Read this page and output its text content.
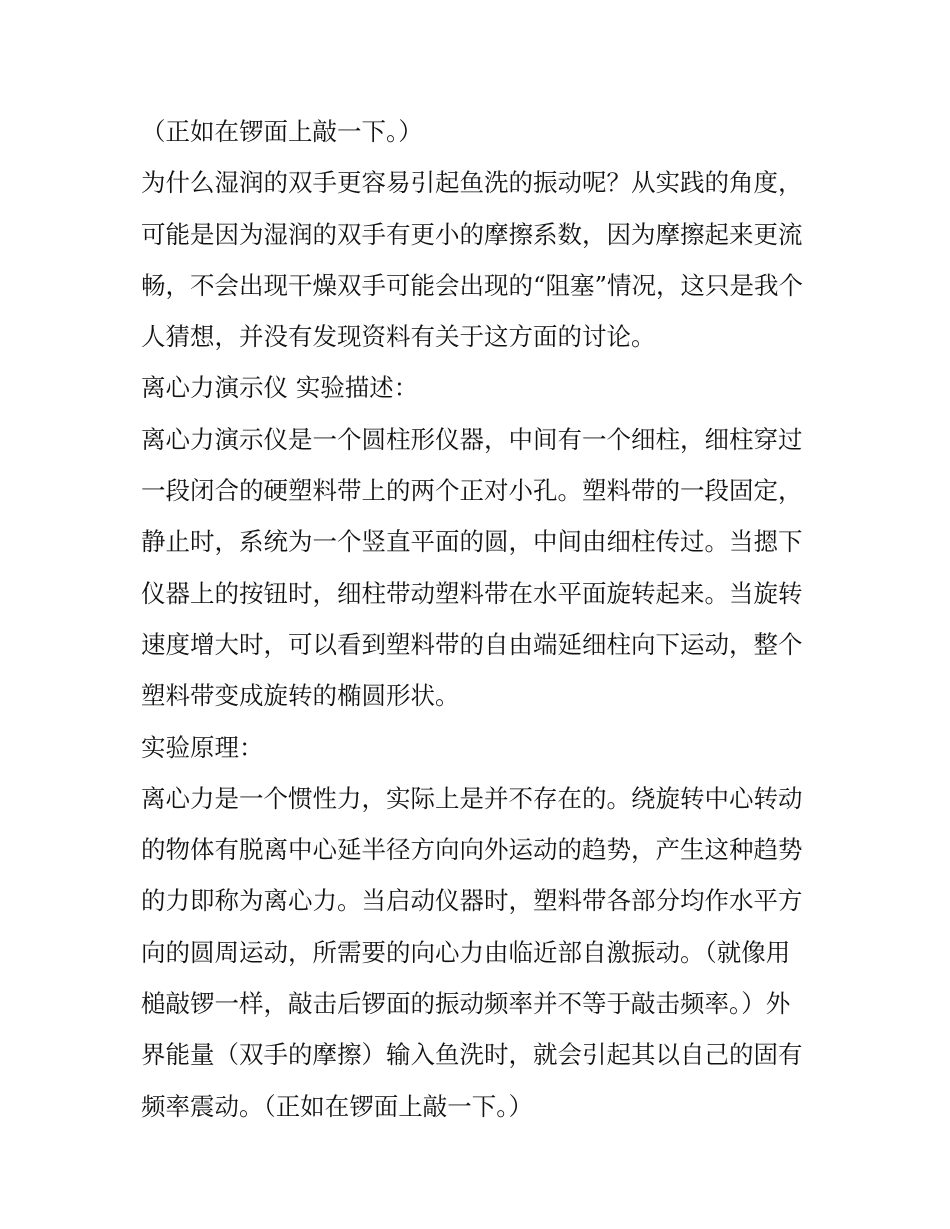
（正如在锣面上敲一下。）
为什么湿润的双手更容易引起鱼洗的振动呢？从实践的角度，
可能是因为湿润的双手有更小的摩擦系数，因为摩擦起来更流
畅，不会出现干燥双手可能会出现的“阻塞”情况，这只是我个
人猜想，并没有发现资料有关于这方面的讨论。
离心力演示仪 实验描述：
离心力演示仪是一个圆柱形仪器，中间有一个细柱，细柱穿过
一段闭合的硬塑料带上的两个正对小孔。塑料带的一段固定，
静止时，系统为一个竖直平面的圆，中间由细柱传过。当摁下
仪器上的按钮时，细柱带动塑料带在水平面旋转起来。当旋转
速度增大时，可以看到塑料带的自由端延细柱向下运动，整个
塑料带变成旋转的椭圆形状。
实验原理：
离心力是一个惯性力，实际上是并不存在的。绕旋转中心转动
的物体有脱离中心延半径方向向外运动的趋势，产生这种趋势
的力即称为离心力。当启动仪器时，塑料带各部分均作水平方
向的圆周运动，所需要的向心力由临近部自激振动。（就像用
槌敲锣一样，敲击后锣面的振动频率并不等于敲击频率。）外
界能量（双手的摩擦）输入鱼洗时，就会引起其以自己的固有
频率震动。（正如在锣面上敲一下。）
